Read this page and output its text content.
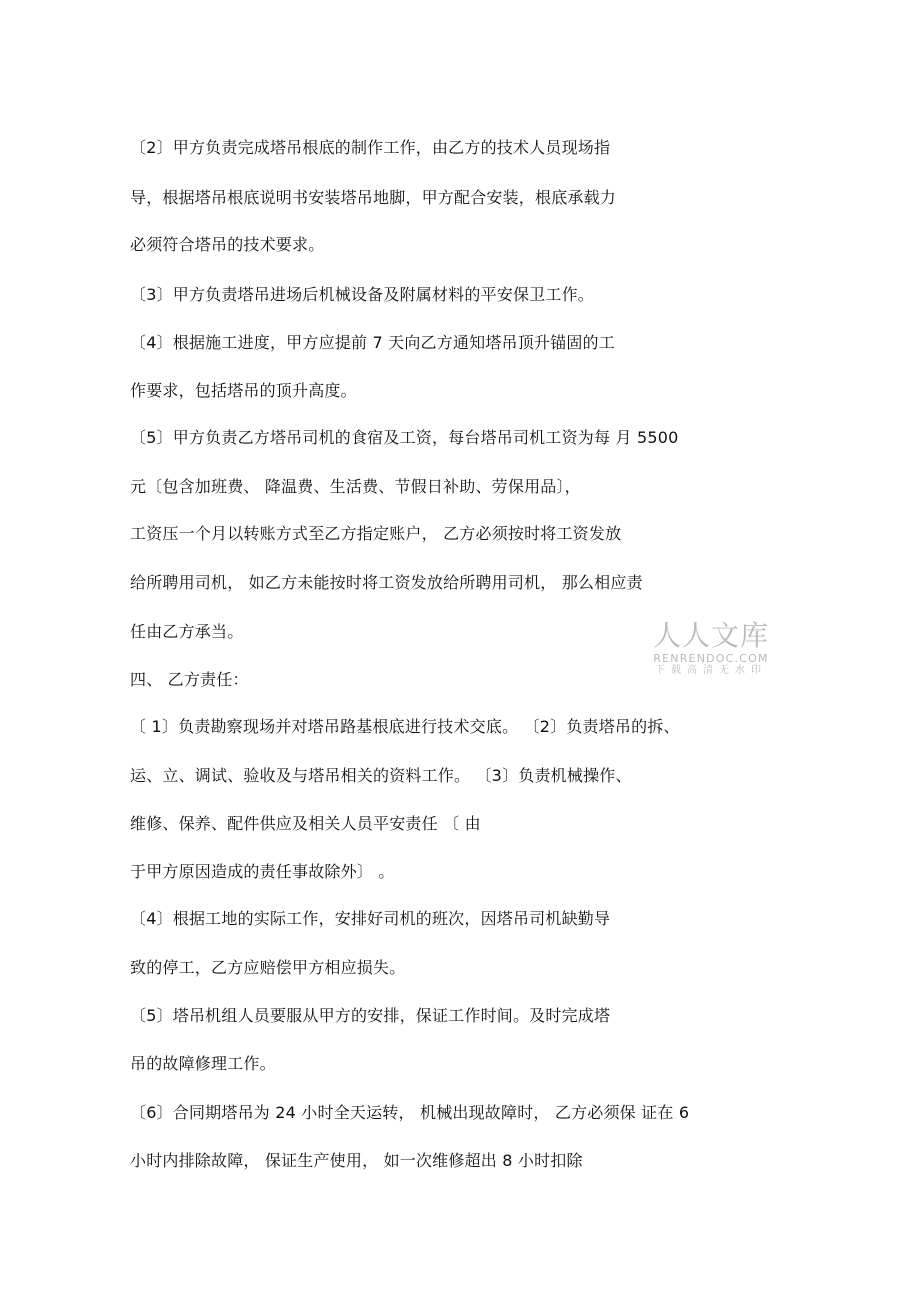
〔2〕甲方负责完成塔吊根底的制作工作，由乙方的技术人员现场指
导，根据塔吊根底说明书安装塔吊地脚，甲方配合安装，根底承载力
必须符合塔吊的技术要求。
〔3〕甲方负责塔吊进场后机械设备及附属材料的平安保卫工作。
〔4〕根据施工进度，甲方应提前 7 天向乙方通知塔吊顶升锚固的工
作要求，包括塔吊的顶升高度。
〔5〕甲方负责乙方塔吊司机的食宿及工资，每台塔吊司机工资为每 月 5500
元〔包含加班费、 降温费、生活费、节假日补助、劳保用品〕，
工资压一个月以转账方式至乙方指定账户， 乙方必须按时将工资发放
给所聘用司机， 如乙方未能按时将工资发放给所聘用司机， 那么相应责
任由乙方承当。
四、 乙方责任：
〔 1〕负责勘察现场并对塔吊路基根底进行技术交底。 〔2〕负责塔吊的拆、
运、立、调试、验收及与塔吊相关的资料工作。 〔3〕负责机械操作、
维修、保养、配件供应及相关人员平安责任 〔 由
于甲方原因造成的责任事故除外〕 。
〔4〕根据工地的实际工作，安排好司机的班次，因塔吊司机缺勤导
致的停工，乙方应赔偿甲方相应损失。
〔5〕塔吊机组人员要服从甲方的安排，保证工作时间。及时完成塔
吊的故障修理工作。
〔6〕合同期塔吊为 24 小时全天运转， 机械出现故障时， 乙方必须保 证在 6
小时内排除故障， 保证生产使用， 如一次维修超出 8 小时扣除
人人文库
RENRENDOC.COM
下载高清无水印
